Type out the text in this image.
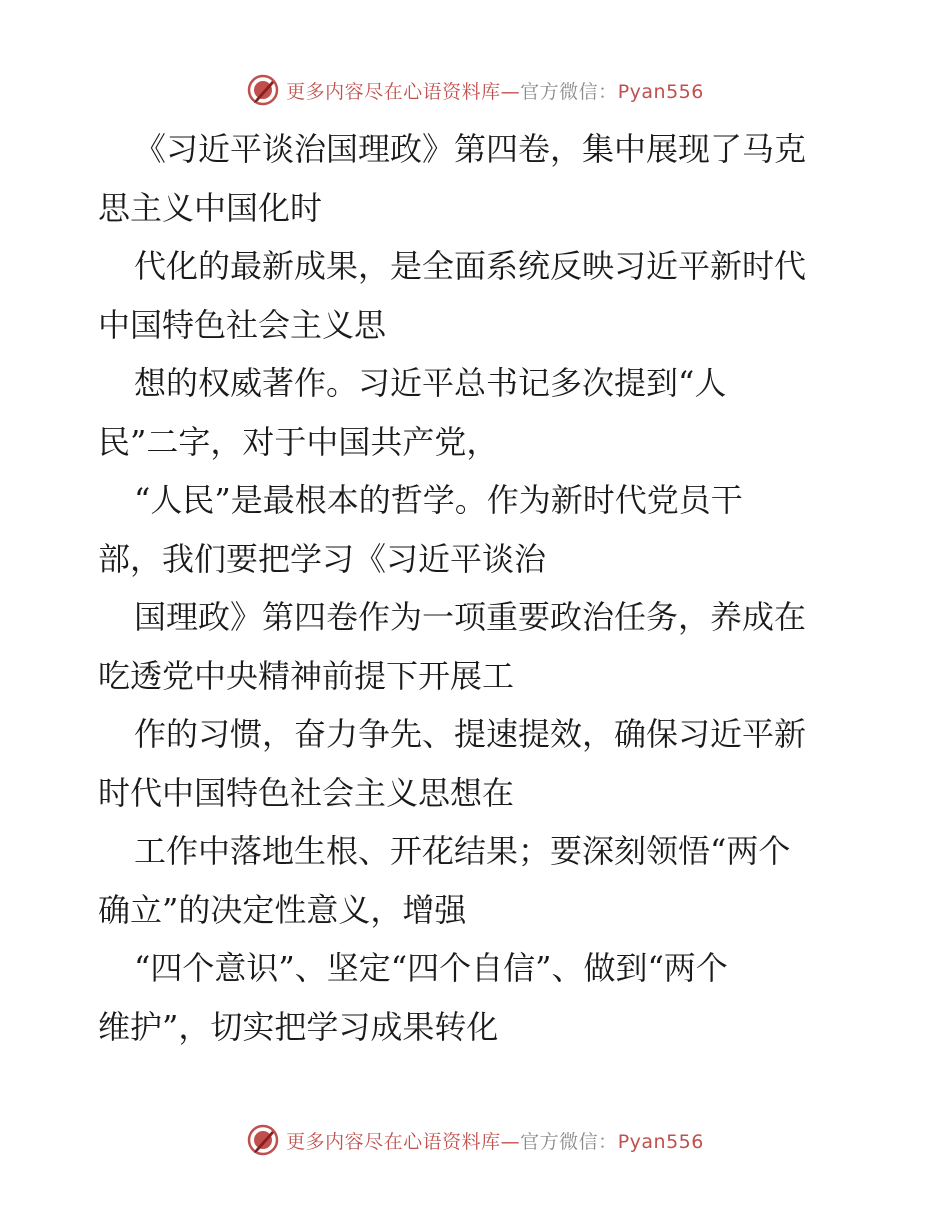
更多内容尽在心语资料库—官方微信：Pyan556

《习近平谈治国理政》第四卷，集中展现了马克
思主义中国化时

代化的最新成果，是全面系统反映习近平新时代
中国特色社会主义思

想的权威著作。习近平总书记多次提到“人
民”二字，对于中国共产党，

“人民”是最根本的哲学。作为新时代党员干
部，我们要把学习《习近平谈治

国理政》第四卷作为一项重要政治任务，养成在
吃透党中央精神前提下开展工

作的习惯，奋力争先、提速提效，确保习近平新
时代中国特色社会主义思想在

工作中落地生根、开花结果；要深刻领悟“两个
确立”的决定性意义，增强

“四个意识”、坚定“四个自信”、做到“两个
维护”，切实把学习成果转化

更多内容尽在心语资料库—官方微信：Pyan556
